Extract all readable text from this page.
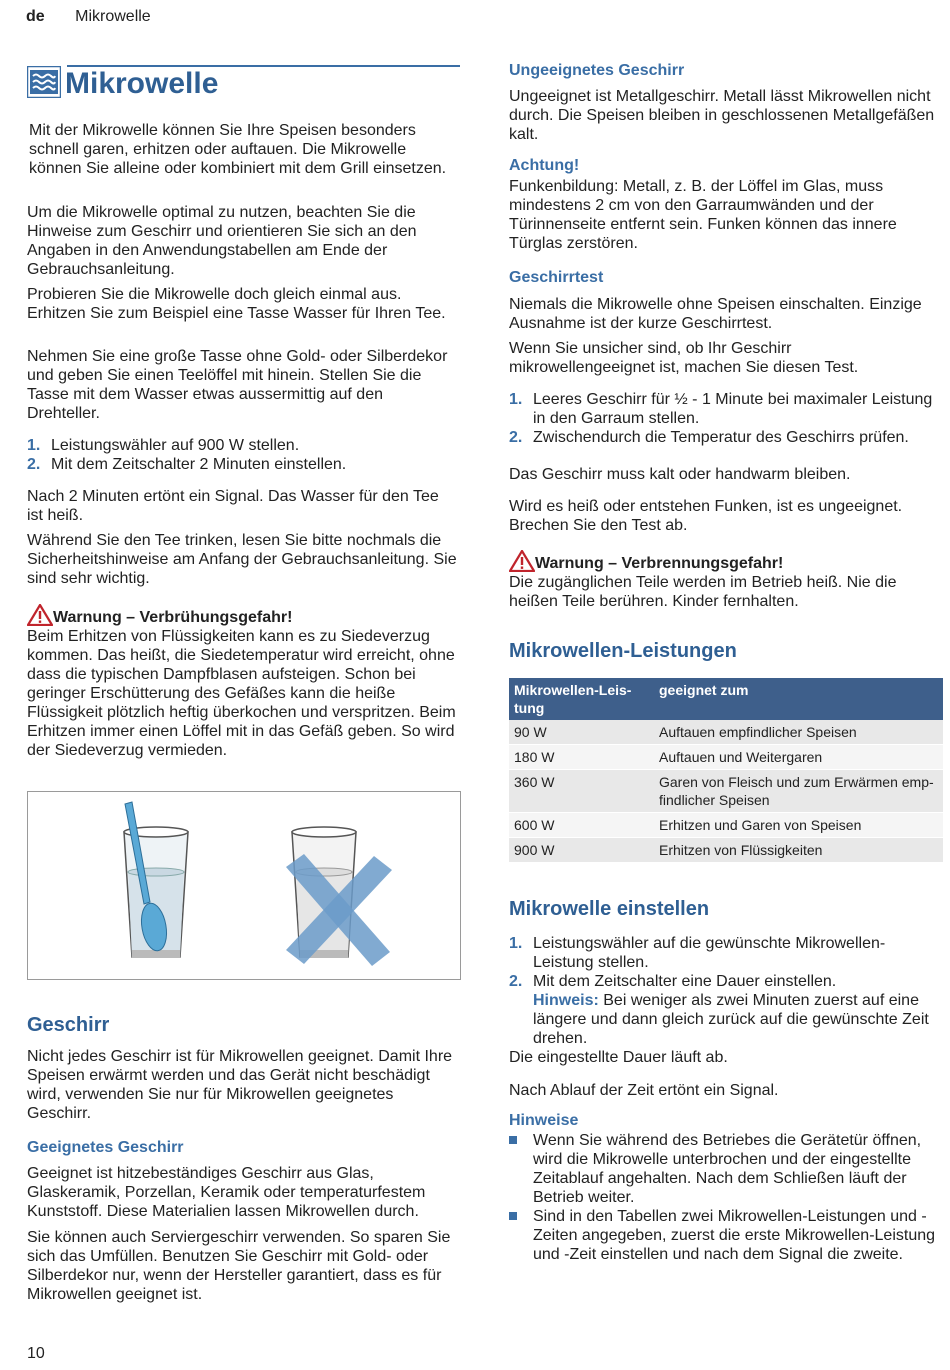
de Mikrowelle
Mikrowelle

Mit der Mikrowelle können Sie Ihre Speisen besonders schnell garen, erhitzen oder auftauen. Die Mikrowelle können Sie alleine oder kombiniert mit dem Grill einsetzen.

Um die Mikrowelle optimal zu nutzen, beachten Sie die Hinweise zum Geschirr und orientieren Sie sich an den Angaben in den Anwendungstabellen am Ende der Gebrauchsanleitung.

Probieren Sie die Mikrowelle doch gleich einmal aus. Erhitzen Sie zum Beispiel eine Tasse Wasser für Ihren Tee.

Nehmen Sie eine große Tasse ohne Gold- oder Silberdekor und geben Sie einen Teelöffel mit hinein. Stellen Sie die Tasse mit dem Wasser etwas aussermittig auf den Drehteller.

1. Leistungswähler auf 900 W stellen.
2. Mit dem Zeitschalter 2 Minuten einstellen.

Nach 2 Minuten ertönt ein Signal. Das Wasser für den Tee ist heiß.

Während Sie den Tee trinken, lesen Sie bitte nochmals die Sicherheitshinweise am Anfang der Gebrauchsanleitung. Sie sind sehr wichtig.

Warnung – Verbrühungsgefahr!

Beim Erhitzen von Flüssigkeiten kann es zu Siedeverzug kommen. Das heißt, die Siedetemperatur wird erreicht, ohne dass die typischen Dampfblasen aufsteigen. Schon bei geringer Erschütterung des Gefäßes kann die heiße Flüssigkeit plötzlich heftig überkochen und verspritzen. Beim Erhitzen immer einen Löffel mit in das Gefäß geben. So wird der Siedeverzug vermieden.

Geschirr

Nicht jedes Geschirr ist für Mikrowellen geeignet. Damit Ihre Speisen erwärmt werden und das Gerät nicht beschädigt wird, verwenden Sie nur für Mikrowellen geeignetes Geschirr.

Geeignetes Geschirr

Geeignet ist hitzebeständiges Geschirr aus Glas, Glaskeramik, Porzellan, Keramik oder temperaturfestem Kunststoff. Diese Materialien lassen Mikrowellen durch.

Sie können auch Serviergeschirr verwenden. So sparen Sie sich das Umfüllen. Benutzen Sie Geschirr mit Gold- oder Silberdekor nur, wenn der Hersteller garantiert, dass es für Mikrowellen geeignet ist.

Ungeeignetes Geschirr

Ungeeignet ist Metallgeschirr. Metall lässt Mikrowellen nicht durch. Die Speisen bleiben in geschlossenen Metallgefäßen kalt.

Achtung!

Funkenbildung: Metall, z. B. der Löffel im Glas, muss mindestens 2 cm von den Garraumwänden und der Türinnenseite entfernt sein. Funken können das innere Türglas zerstören.

Geschirrtest

Niemals die Mikrowelle ohne Speisen einschalten. Einzige Ausnahme ist der kurze Geschirrtest.

Wenn Sie unsicher sind, ob Ihr Geschirr mikrowellengeeignet ist, machen Sie diesen Test.

1. Leeres Geschirr für ½ - 1 Minute bei maximaler Leistung in den Garraum stellen.
2. Zwischendurch die Temperatur des Geschirrs prüfen.

Das Geschirr muss kalt oder handwarm bleiben.

Wird es heiß oder entstehen Funken, ist es ungeeignet. Brechen Sie den Test ab.

Warnung – Verbrennungsgefahr!

Die zugänglichen Teile werden im Betrieb heiß. Nie die heißen Teile berühren. Kinder fernhalten.

Mikrowellen-Leistungen
Mikrowellen-Leis-tung	geeignet zum
90 W	Auftauen empfindlicher Speisen
180 W	Auftauen und Weitergaren
360 W	Garen von Fleisch und zum Erwärmen emp-findlicher Speisen
600 W	Erhitzen und Garen von Speisen
900 W	Erhitzen von Flüssigkeiten
Mikrowelle einstellen
1. Leistungswähler auf die gewünschte Mikrowellen-Leistung stellen.
2. Mit dem Zeitschalter eine Dauer einstellen.

Hinweis: Bei weniger als zwei Minuten zuerst auf eine längere und dann gleich zurück auf die gewünschte Zeit drehen.

Die eingestellte Dauer läuft ab.

Nach Ablauf der Zeit ertönt ein Signal.

Hinweise
Wenn Sie während des Betriebes die Gerätetür öffnen, wird die Mikrowelle unterbrochen und der eingestellte Zeitablauf angehalten. Nach dem Schließen läuft der Betrieb weiter.
Sind in den Tabellen zwei Mikrowellen-Leistungen und -Zeiten angegeben, zuerst die erste Mikrowellen-Leistung und -Zeit einstellen und nach dem Signal die zweite.
10
